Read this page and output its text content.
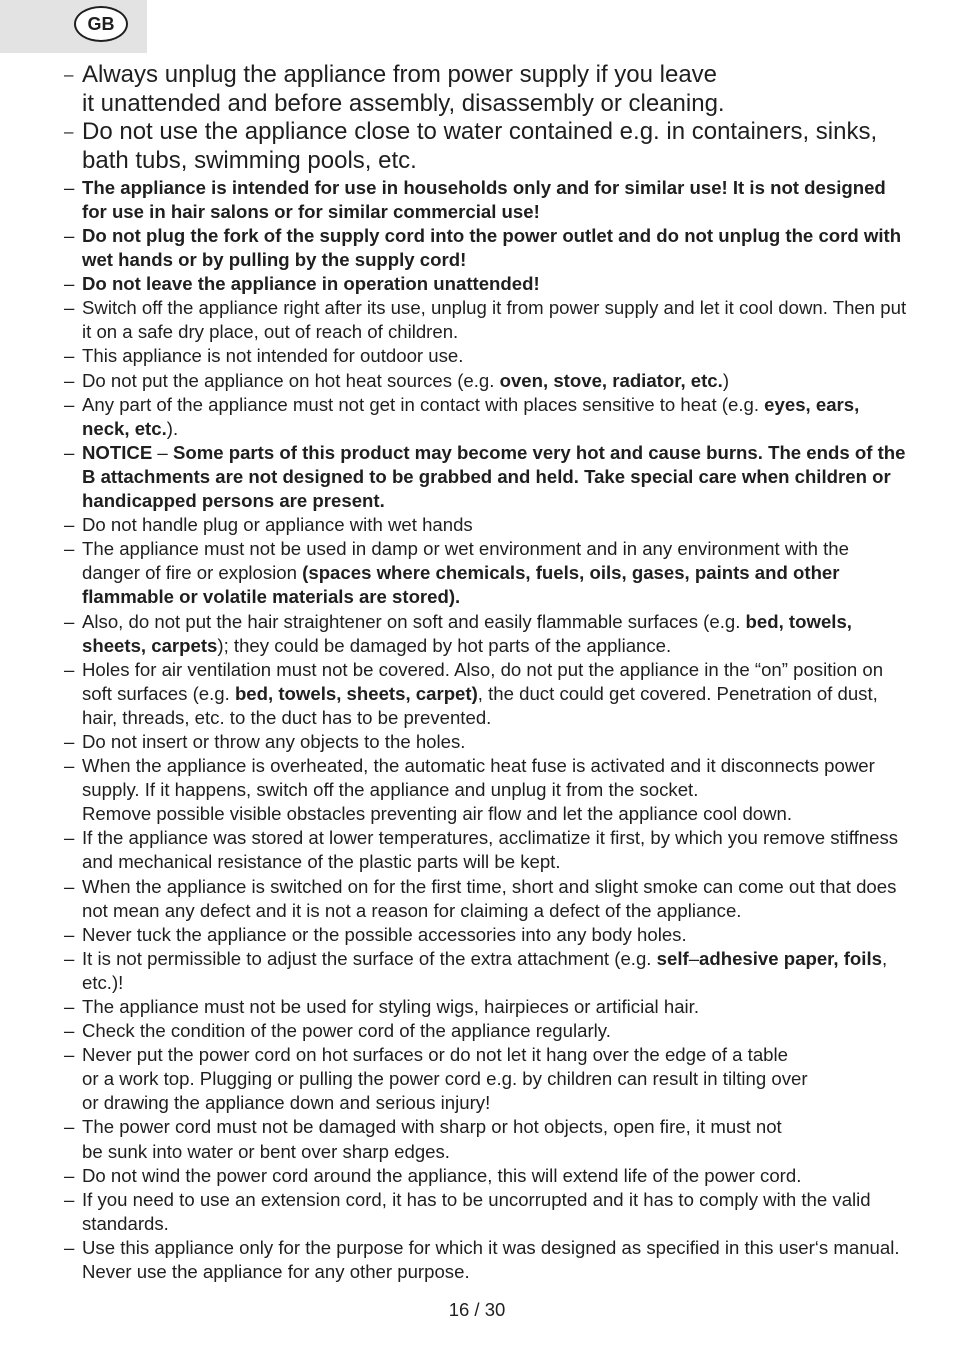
GB
– Always unplug the appliance from power supply if you leave
it unattended and before assembly, disassembly or cleaning.
– Do not use the appliance close to water contained e.g. in containers, sinks, bath tubs, swimming pools, etc.
– The appliance is intended for use in households only and for similar use! It is not designed for use in hair salons or for similar commercial use!
– Do not plug the fork of the supply cord into the power outlet and do not unplug the cord with wet hands or by pulling by the supply cord!
– Do not leave the appliance in operation unattended!
– Switch off the appliance right after its use, unplug it from power supply and let it cool down. Then put it on a safe dry place, out of reach of children.
– This appliance is not intended for outdoor use.
– Do not put the appliance on hot heat sources (e.g. oven, stove, radiator, etc.)
– Any part of the appliance must not get in contact with places sensitive to heat (e.g. eyes, ears, neck, etc.).
– NOTICE – Some parts of this product may become very hot and cause burns. The ends of the B attachments are not designed to be grabbed and held. Take special care when children or handicapped persons are present.
– Do not handle plug or appliance with wet hands
– The appliance must not be used in damp or wet environment and in any environment with the danger of fire or explosion (spaces where chemicals, fuels, oils, gases, paints and other flammable or volatile materials are stored).
– Also, do not put the hair straightener on soft and easily flammable surfaces (e.g. bed, towels, sheets, carpets); they could be damaged by hot parts of the appliance.
– Holes for air ventilation must not be covered. Also, do not put the appliance in the “on” position on soft surfaces (e.g. bed, towels, sheets, carpet), the duct could get covered. Penetration of dust, hair, threads, etc. to the duct has to be prevented.
– Do not insert or throw any objects to the holes.
– When the appliance is overheated, the automatic heat fuse is activated and it disconnects power supply. If it happens, switch off the appliance and unplug it from the socket.
Remove possible visible obstacles preventing air flow and let the appliance cool down.
– If the appliance was stored at lower temperatures, acclimatize it first, by which you remove stiffness and mechanical resistance of the plastic parts will be kept.
– When the appliance is switched on for the first time, short and slight smoke can come out that does not mean any defect and it is not a reason for claiming a defect of the appliance.
– Never tuck the appliance or the possible accessories into any body holes.
– It is not permissible to adjust the surface of the extra attachment (e.g. self–adhesive paper, foils, etc.)!
– The appliance must not be used for styling wigs, hairpieces or artificial hair.
– Check the condition of the power cord of the appliance regularly.
– Never put the power cord on hot surfaces or do not let it hang over the edge of a table
or a work top. Plugging or pulling the power cord e.g. by children can result in tilting over
or drawing the appliance down and serious injury!
– The power cord must not be damaged with sharp or hot objects, open fire, it must not
be sunk into water or bent over sharp edges.
– Do not wind the power cord around the appliance, this will extend life of the power cord.
– If you need to use an extension cord, it has to be uncorrupted and it has to comply with the valid standards.
– Use this appliance only for the purpose for which it was designed as specified in this user‘s manual. Never use the appliance for any other purpose.
16 / 30
